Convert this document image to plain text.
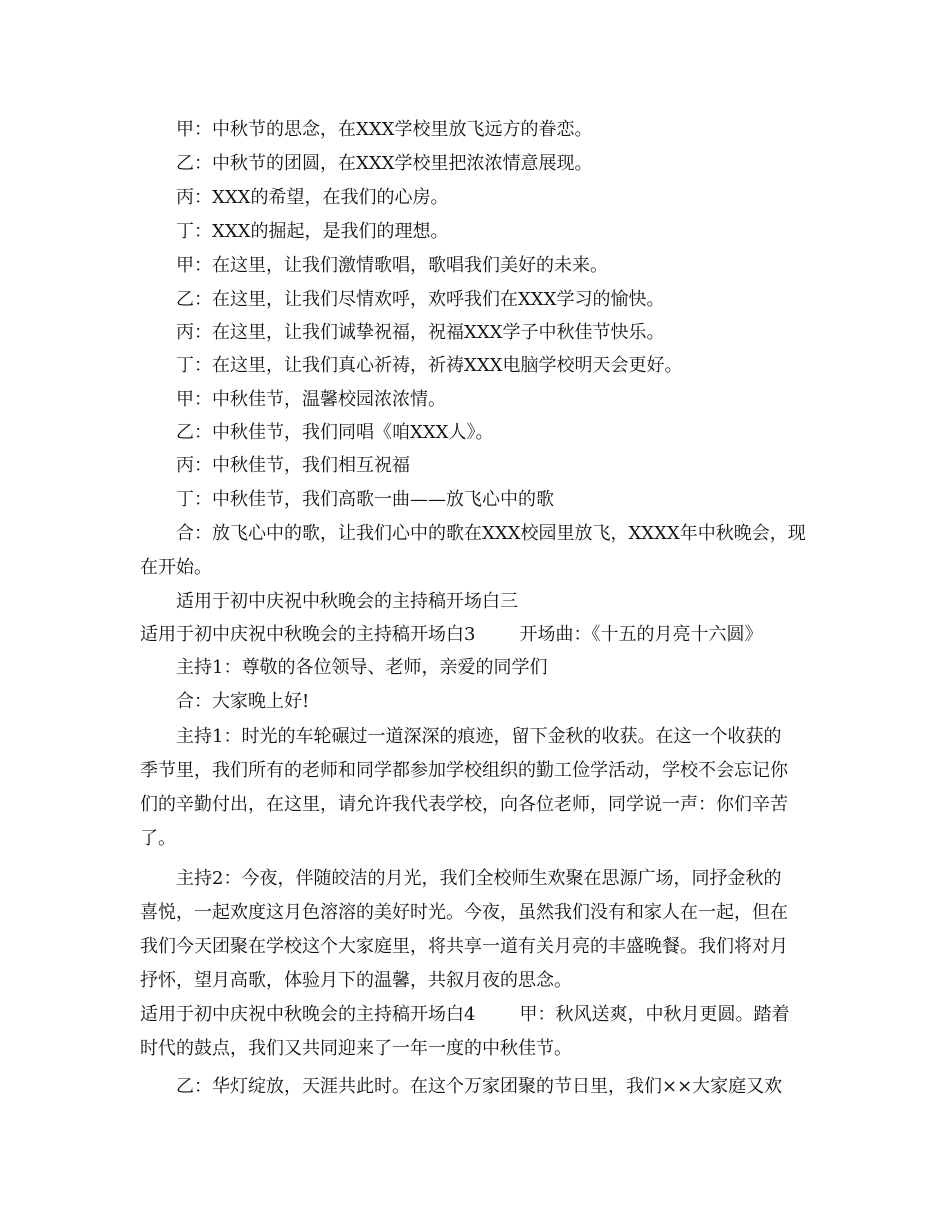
甲：中秋节的思念，在XXX学校里放飞远方的眷恋。
乙：中秋节的团圆，在XXX学校里把浓浓情意展现。
丙：XXX的希望，在我们的心房。
丁：XXX的掘起，是我们的理想。
甲：在这里，让我们激情歌唱，歌唱我们美好的未来。
乙：在这里，让我们尽情欢呼，欢呼我们在XXX学习的愉快。
丙：在这里，让我们诚挚祝福，祝福XXX学子中秋佳节快乐。
丁：在这里，让我们真心祈祷，祈祷XXX电脑学校明天会更好。
甲：中秋佳节，温馨校园浓浓情。
乙：中秋佳节，我们同唱《咱XXX人》。
丙：中秋佳节，我们相互祝福
丁：中秋佳节，我们高歌一曲——放飞心中的歌
合：放飞心中的歌，让我们心中的歌在XXX校园里放飞，XXXX年中秋晚会，现
在开始。
适用于初中庆祝中秋晚会的主持稿开场白三
适用于初中庆祝中秋晚会的主持稿开场白3 开场曲：《十五的月亮十六圆》
主持1：尊敬的各位领导、老师，亲爱的同学们
合：大家晚上好!
主持1：时光的车轮碾过一道深深的痕迹，留下金秋的收获。在这一个收获的
季节里，我们所有的老师和同学都参加学校组织的勤工俭学活动，学校不会忘记你
们的辛勤付出，在这里，请允许我代表学校，向各位老师，同学说一声：你们辛苦
了。
主持2：今夜，伴随皎洁的月光，我们全校师生欢聚在思源广场，同抒金秋的
喜悦，一起欢度这月色溶溶的美好时光。今夜，虽然我们没有和家人在一起，但在
我们今天团聚在学校这个大家庭里，将共享一道有关月亮的丰盛晚餐。我们将对月
抒怀，望月高歌，体验月下的温馨，共叙月夜的思念。
适用于初中庆祝中秋晚会的主持稿开场白4 甲：秋风送爽，中秋月更圆。踏着
时代的鼓点，我们又共同迎来了一年一度的中秋佳节。
乙：华灯绽放，天涯共此时。在这个万家团聚的节日里，我们××大家庭又欢
